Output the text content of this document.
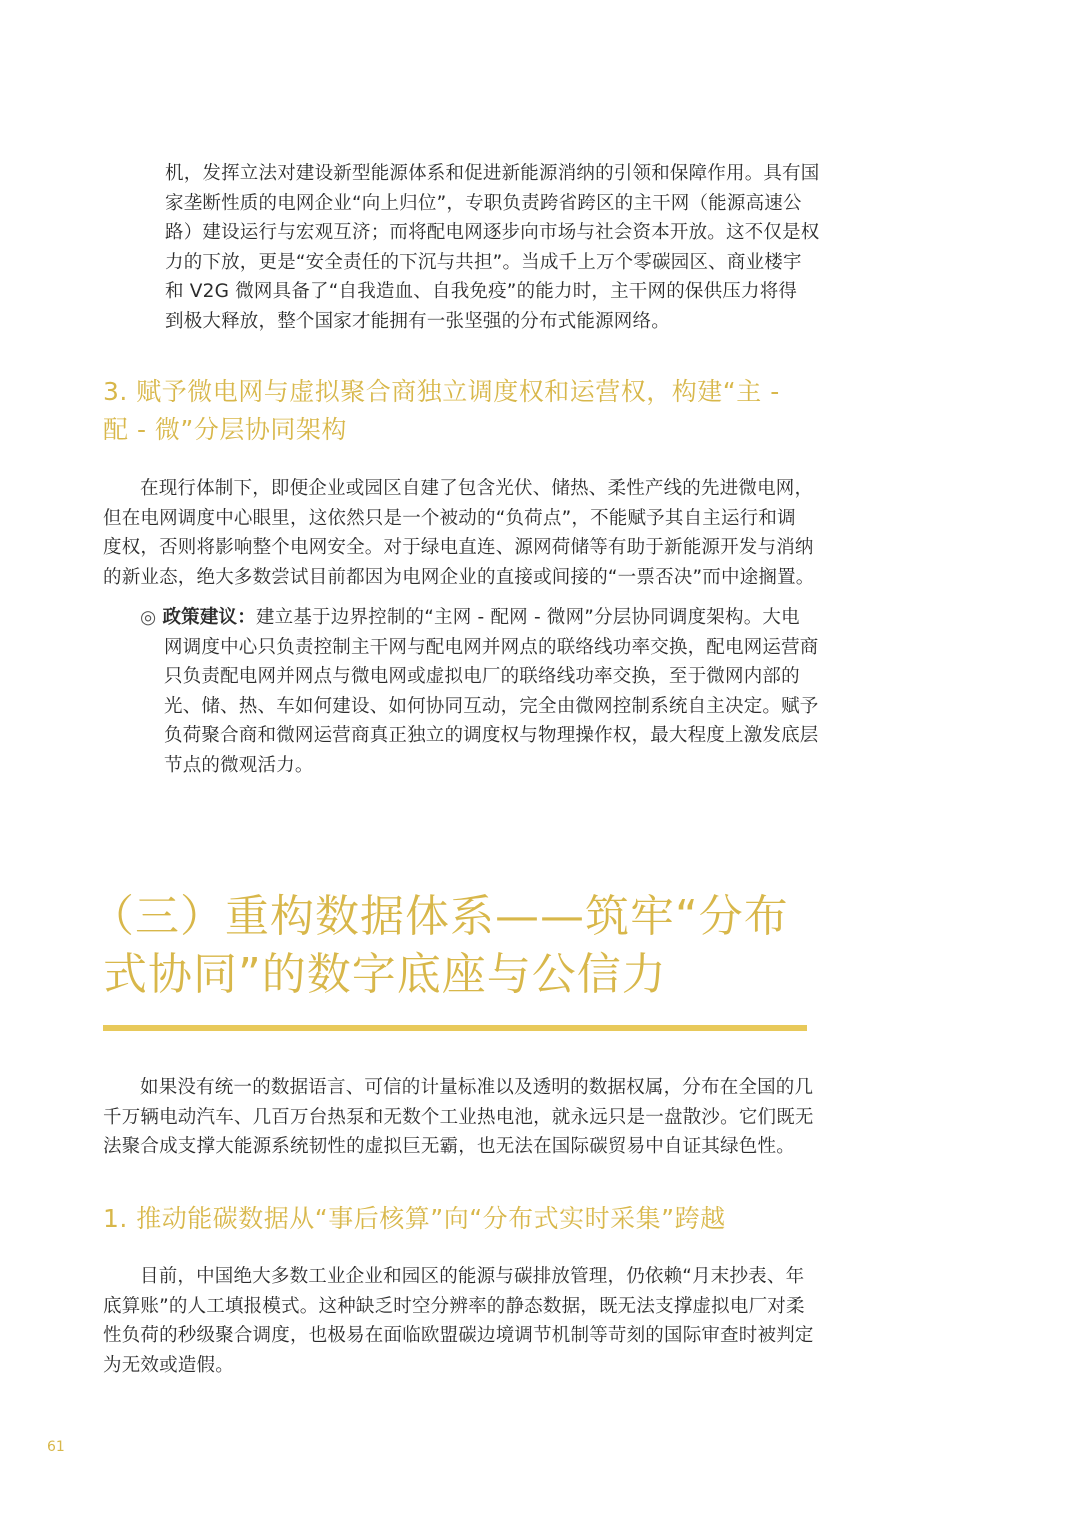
机，发挥立法对建设新型能源体系和促进新能源消纳的引领和保障作用。具有国
家垄断性质的电网企业“向上归位”，专职负责跨省跨区的主干网（能源高速公
路）建设运行与宏观互济；而将配电网逐步向市场与社会资本开放。这不仅是权
力的下放，更是“安全责任的下沉与共担”。当成千上万个零碳园区、商业楼宇
和 V2G 微网具备了“自我造血、自我免疫”的能力时，主干网的保供压力将得
到极大释放，整个国家才能拥有一张坚强的分布式能源网络。
3. 赋予微电网与虚拟聚合商独立调度权和运营权，构建“主 -
配 - 微”分层协同架构
在现行体制下，即便企业或园区自建了包含光伏、储热、柔性产线的先进微电网，
但在电网调度中心眼里，这依然只是一个被动的“负荷点”，不能赋予其自主运行和调
度权，否则将影响整个电网安全。对于绿电直连、源网荷储等有助于新能源开发与消纳
的新业态，绝大多数尝试目前都因为电网企业的直接或间接的“一票否决”而中途搁置。
◎ 政策建议：建立基于边界控制的“主网 - 配网 - 微网”分层协同调度架构。大电
网调度中心只负责控制主干网与配电网并网点的联络线功率交换，配电网运营商
只负责配电网并网点与微电网或虚拟电厂的联络线功率交换，至于微网内部的
光、储、热、车如何建设、如何协同互动，完全由微网控制系统自主决定。赋予
负荷聚合商和微网运营商真正独立的调度权与物理操作权，最大程度上激发底层
节点的微观活力。
（三）重构数据体系——筑牢“分布
式协同”的数字底座与公信力
如果没有统一的数据语言、可信的计量标准以及透明的数据权属，分布在全国的几
千万辆电动汽车、几百万台热泵和无数个工业热电池，就永远只是一盘散沙。它们既无
法聚合成支撑大能源系统韧性的虚拟巨无霸，也无法在国际碳贸易中自证其绿色性。
1. 推动能碳数据从“事后核算”向“分布式实时采集”跨越
目前，中国绝大多数工业企业和园区的能源与碳排放管理，仍依赖“月末抄表、年
底算账”的人工填报模式。这种缺乏时空分辨率的静态数据，既无法支撑虚拟电厂对柔
性负荷的秒级聚合调度，也极易在面临欧盟碳边境调节机制等苛刻的国际审查时被判定
为无效或造假。
61
